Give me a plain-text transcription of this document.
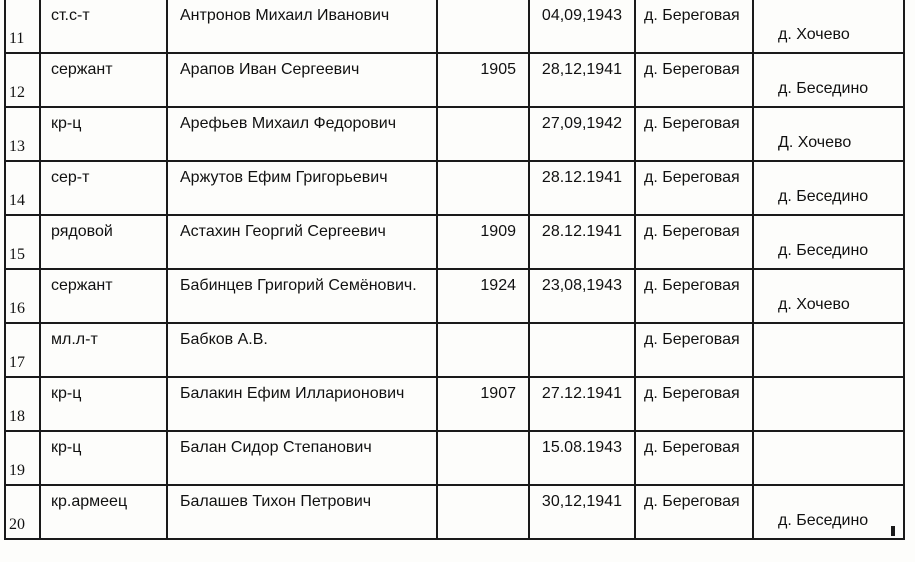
11	ст.с-т	Антронов Михаил Иванович		04,09,1943	д. Береговая	д. Хочево

12	сержант	Арапов Иван Сергеевич	1905	28,12,1941	д. Береговая	д. Беседино

13	кр-ц	Арефьев Михаил Федорович		27,09,1942	д. Береговая	Д. Хочево

14	сер-т	Аржутов Ефим Григорьевич		28.12.1941	д. Береговая	д. Беседино

15	рядовой	Астахин Георгий Сергеевич	1909	28.12.1941	д. Береговая	д. Беседино

16	сержант	Бабинцев Григорий Семёнович.	1924	23,08,1943	д. Береговая	д. Хочево

17	мл.л-т	Бабков А.В.			д. Береговая	

18	кр-ц	Балакин Ефим Илларионович	1907	27.12.1941	д. Береговая	

19	кр-ц	Балан Сидор Степанович		15.08.1943	д. Береговая	

20	кр.армеец	Балашев Тихон Петрович		30,12,1941	д. Береговая	д. Беседино
